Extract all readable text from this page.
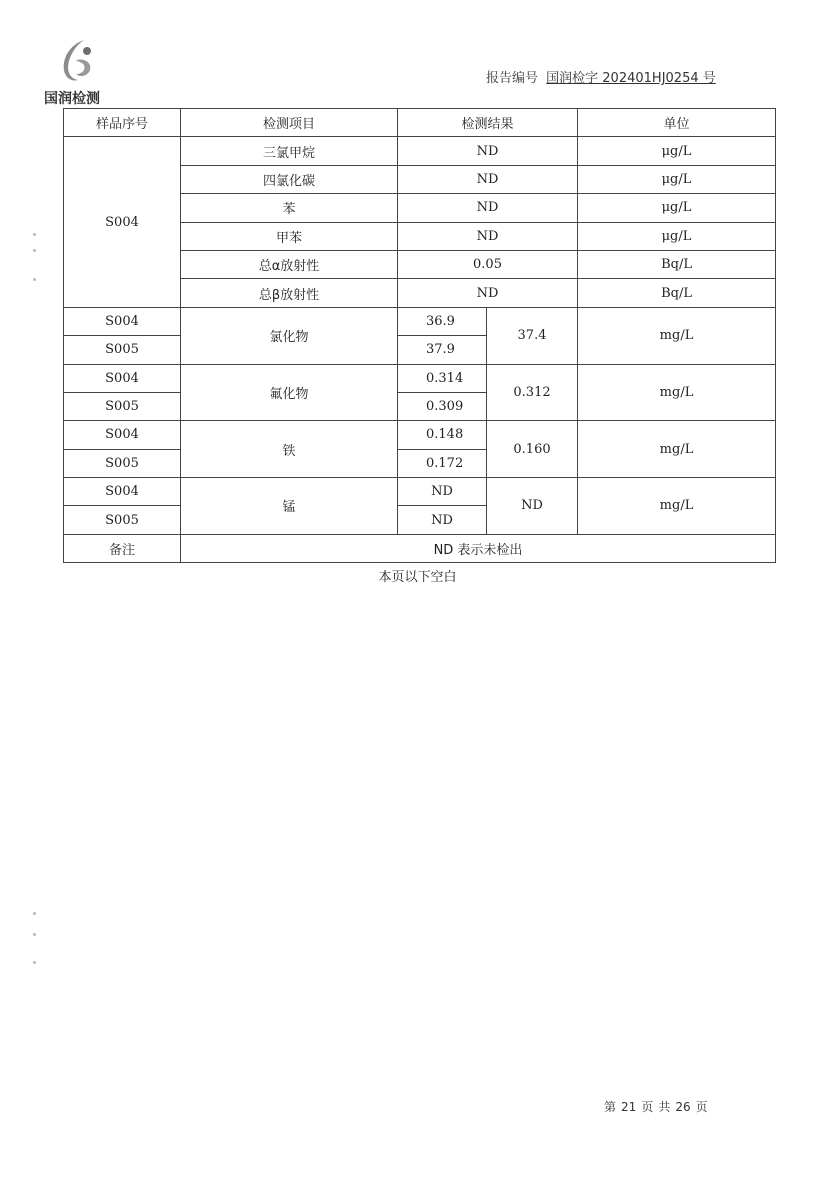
国润检测
报告编号 国润检字 202401HJ0254 号
样品序号	检测项目	检测结果		单位
S004	三氯甲烷	ND		μg/L
	四氯化碳	ND		μg/L
	苯	ND		μg/L
	甲苯	ND		μg/L
	总α放射性	0.05		Bq/L
	总β放射性	ND		Bq/L
S004	氯化物	36.9	37.4	mg/L
S005		37.9		
S004	氟化物	0.314	0.312	mg/L
S005		0.309		
S004	铁	0.148	0.160	mg/L
S005		0.172		
S004	锰	ND	ND	mg/L
S005		ND		
备注	ND 表示未检出			
本页以下空白
第 21 页 共 26 页
